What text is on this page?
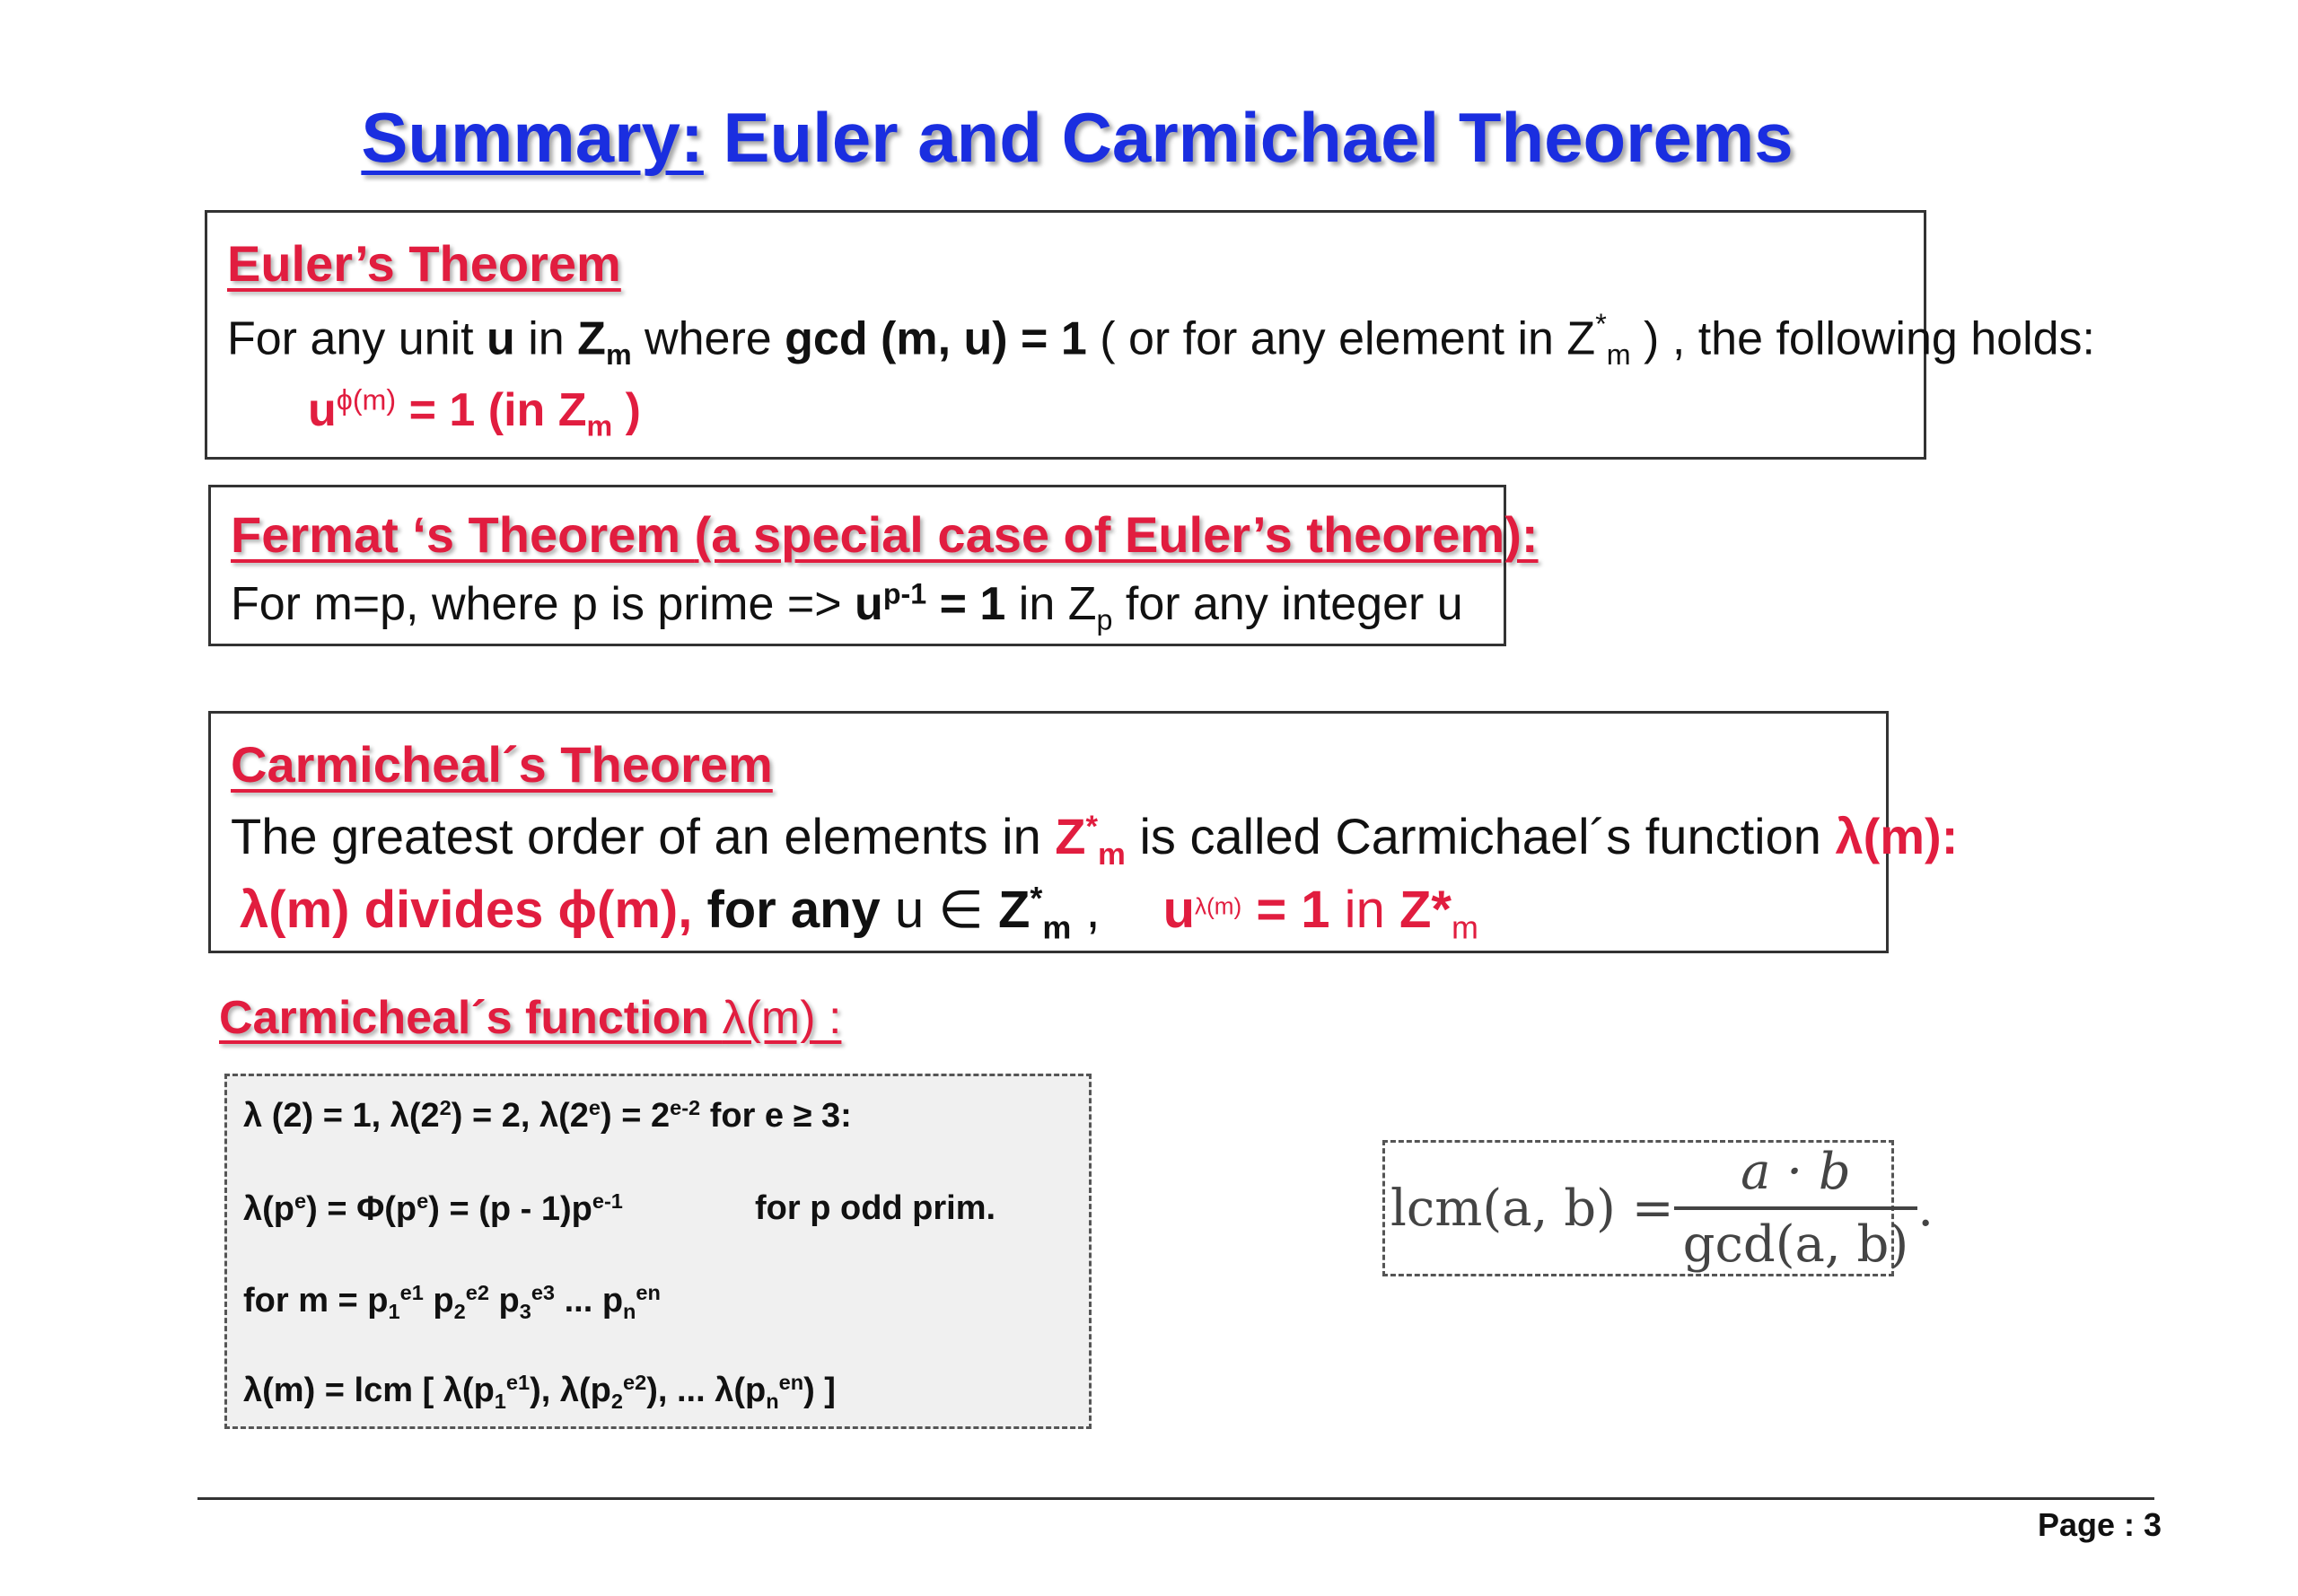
Summary: Euler and Carmichael Theorems
Euler’s Theorem
For any unit u in $Z_m$ where gcd (m, u) = 1 ( or for any element in $Z^*_m$ ) , the following holds:
$u^{\phi(m)} = 1$ (in $Z_m$ )
Fermat ‘s Theorem (a special case of Euler’s theorem):
For m=p, where p is prime => $u^{p-1} = 1$ in $Z_p$ for any integer u
Carmicheal´s Theorem
The greatest order of an elements in $Z^*_m$ is called Carmichael´s function λ(m):
λ(m) divides ϕ(m), for any u ∈ $Z^*_m$ , $u^{\lambda(m)} = 1$ in $Z*_m$
Carmicheal´s function λ(m) :
λ (2) = 1, $\lambda(2^2) = 2$, $\lambda(2^e) = 2^{e-2}$ for e ≥ 3:
$\lambda(p^e) = \Phi(p^e) = (p - 1)p^{e-1}$	for p odd prim.
for $m = p_1^{e1}$ $p_2^{e2}$ $p_3^{e3}$ ... $p_n^{en}$
λ(m) = lcm [ $\lambda(p_1^{e1})$, $\lambda(p_2^{e2})$, ... $\lambda(p_n^{en})$ ]
lcm(a, $b) = \frac{a \cdot b}{\gcd(a, b)}$ .
Page : 3
